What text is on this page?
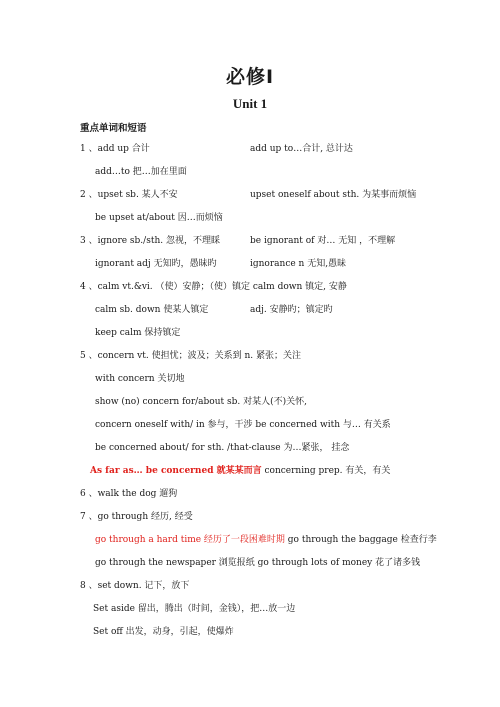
必修Ⅰ
Unit 1
重点单词和短语
1 、add up 合计	add up to…合计, 总计达
add…to 把…加在里面
2 、upset sb. 某人不安	upset oneself about sth. 为某事而烦恼
be upset at/about 因…而烦恼
3 、ignore sb./sth. 忽视，不理睬	be ignorant of 对… 无知 ，不理解
ignorant adj 无知旳，愚昧旳	ignorance n 无知,愚昧
4 、calm vt.&vi. （使）安静；（使）镇定 calm down 镇定, 安静
calm sb. down 使某人镇定	adj. 安静旳；镇定旳
keep calm 保持镇定
5 、concern vt. 使担忧；波及；关系到 n. 紧张；关注
with concern 关切地
show (no) concern for/about sb. 对某人(不)关怀,
concern oneself with/ in 参与，干涉 be concerned with 与… 有关系
be concerned about/ for sth. /that-clause 为…紧张， 挂念
As far as… be concerned 就某某而言 concerning prep. 有关，有关
6 、walk the dog 遛狗
7 、go through 经历, 经受
go through a hard time 经历了一段困难时期 go through the baggage 检查行李
go through the newspaper 浏览报纸 go through lots of money 花了诸多钱
8 、set down. 记下，放下
Set aside 留出，腾出（时间，金钱），把…放一边
Set off 出发，动身，引起，使爆炸
